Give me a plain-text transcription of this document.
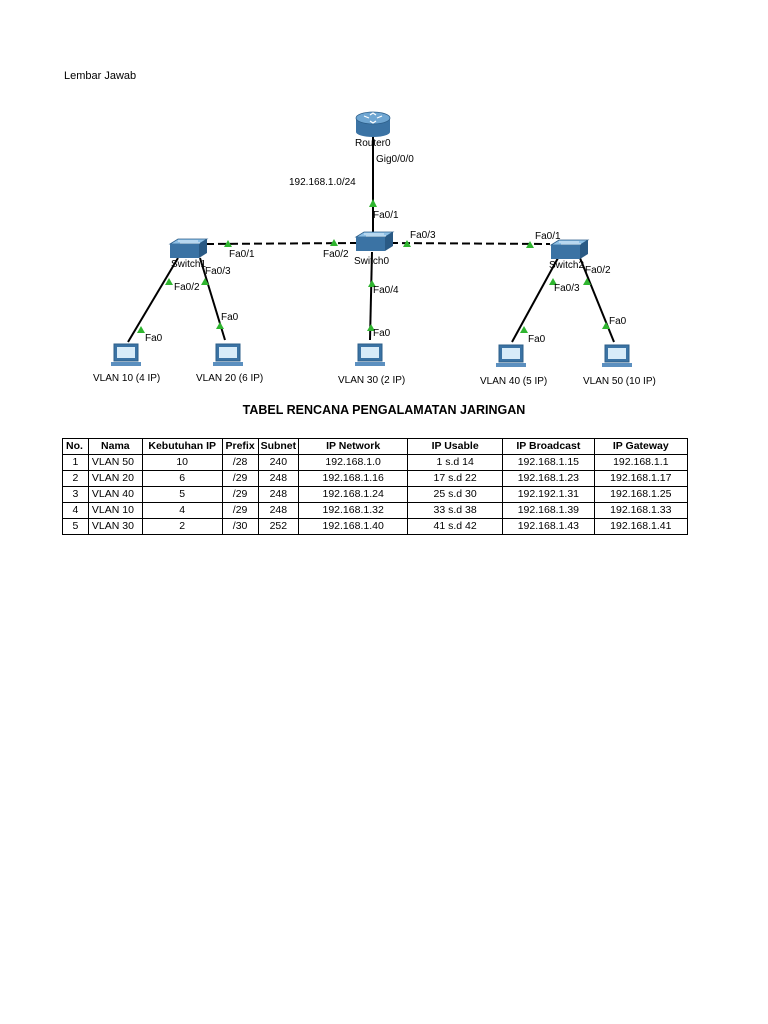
Lembar Jawab
Router0
Gig0/0/0
192.168.1.0/24
Fa0/1
Fa0/2
Fa0/3
Switch0
Fa0/4
Fa0/1
Switch1
Fa0/3
Fa0/2
Fa0/1
Switch2 Fa0/2
Fa0/3
Fa0
Fa0
Fa0
Fa0
Fa0
VLAN 10 (4 IP)	VLAN 20 (6 IP)	VLAN 30 (2 IP)	VLAN 40 (5 IP)	VLAN 50 (10 IP)
TABEL RENCANA PENGALAMATAN JARINGAN
No.	Nama	Kebutuhan IP	Prefix	Subnet	IP Network	IP Usable	IP Broadcast	IP Gateway
1	VLAN 50	10	/28	240	192.168.1.0	1 s.d 14	192.168.1.15	192.168.1.1
2	VLAN 20	6	/29	248	192.168.1.16	17 s.d 22	192.168.1.23	192.168.1.17
3	VLAN 40	5	/29	248	192.168.1.24	25 s.d 30	192.192.1.31	192.168.1.25
4	VLAN 10	4	/29	248	192.168.1.32	33 s.d 38	192.168.1.39	192.168.1.33
5	VLAN 30	2	/30	252	192.168.1.40	41 s.d 42	192.168.1.43	192.168.1.41
